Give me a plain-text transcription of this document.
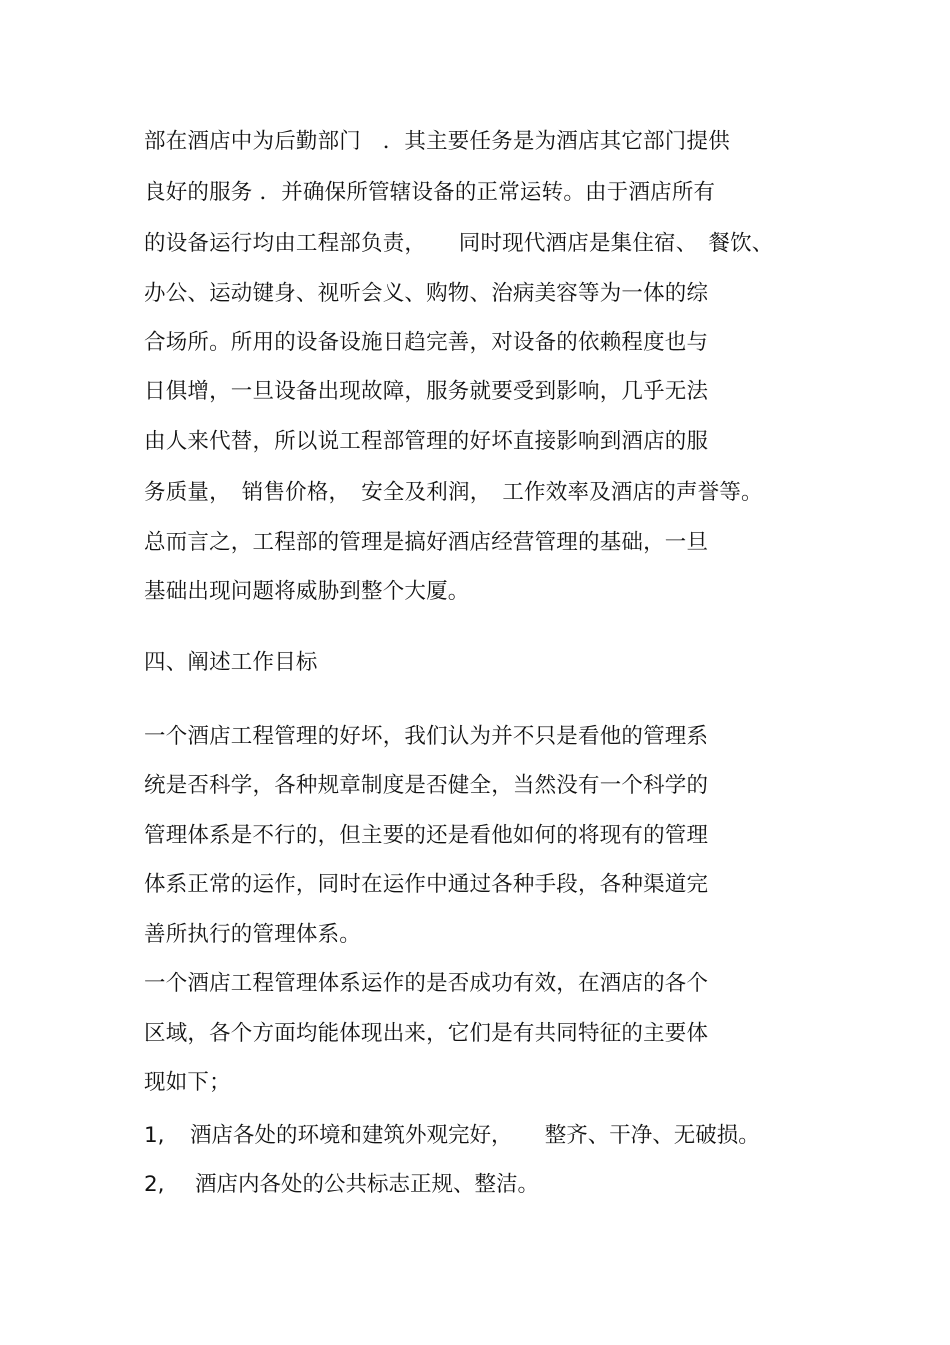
部在酒店中为后勤部门　．其主要任务是为酒店其它部门提供
良好的服务 ．并确保所管辖设备的正常运转。由于酒店所有
的设备运行均由工程部负责，　　同时现代酒店是集住宿、　餐饮、
办公、运动键身、视听会义、购物、治病美容等为一体的综
合场所。所用的设备设施日趋完善，对设备的依赖程度也与
日俱增，一旦设备出现故障，服务就要受到影响，几乎无法
由人来代替，所以说工程部管理的好坏直接影响到酒店的服
务质量，　销售价格，　安全及利润，　工作效率及酒店的声誉等。
总而言之，工程部的管理是搞好酒店经营管理的基础，一旦
基础出现问题将威胁到整个大厦。
四、阐述工作目标
一个酒店工程管理的好坏，我们认为并不只是看他的管理系
统是否科学，各种规章制度是否健全，当然没有一个科学的
管理体系是不行的，但主要的还是看他如何的将现有的管理
体系正常的运作，同时在运作中通过各种手段，各种渠道完
善所执行的管理体系。
一个酒店工程管理体系运作的是否成功有效，在酒店的各个
区域，各个方面均能体现出来，它们是有共同特征的主要体
现如下；
1, 酒店各处的环境和建筑外观完好，　　整齐、干净、无破损。
2, 酒店内各处的公共标志正规、整洁。
